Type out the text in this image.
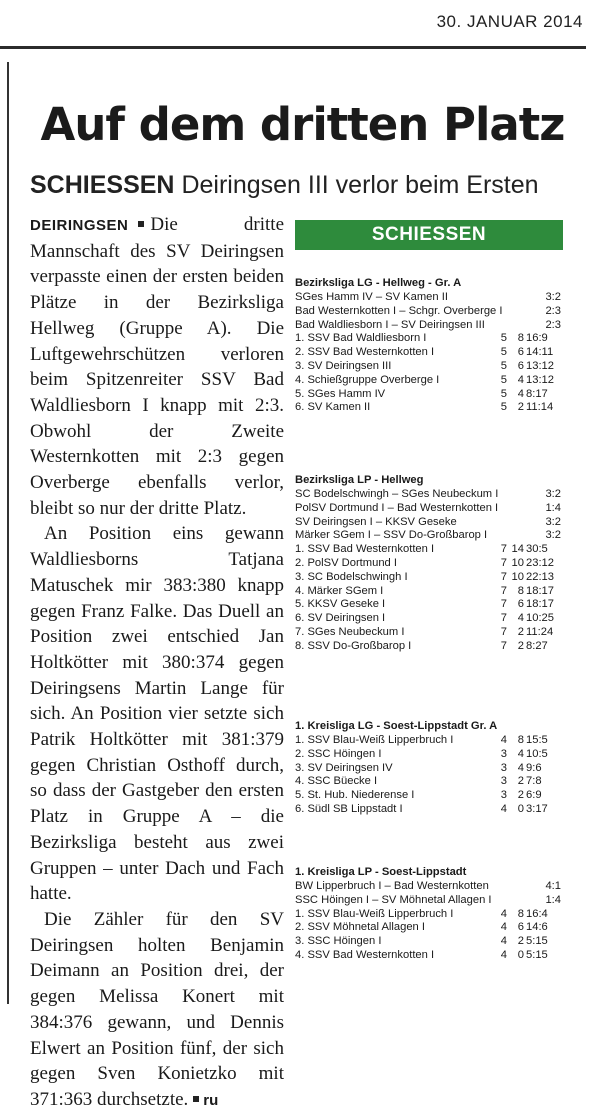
30. JANUAR 2014
Auf dem dritten Platz
SCHIESSEN Deiringsen III verlor beim Ersten

DEIRINGSEN Die dritte Mannschaft des SV Deiringsen verpasste einen der ersten beiden Plätze in der Bezirksliga Hellweg (Gruppe A). Die Luftgewehrschützen verloren beim Spitzenreiter SSV Bad Waldliesborn I knapp mit 2:3. Obwohl der Zweite Westernkotten mit 2:3 gegen Overberge ebenfalls verlor, bleibt so nur der dritte Platz.

An Position eins gewann Waldliesborns Tatjana Matuschek mir 383:380 knapp gegen Franz Falke. Das Duell an Position zwei entschied Jan Holtkötter mit 380:374 gegen Deiringsens Martin Lange für sich. An Position vier setzte sich Patrik Holtkötter mit 381:379 gegen Christian Osthoff durch, so dass der Gastgeber den ersten Platz in Gruppe A – die Bezirksliga besteht aus zwei Gruppen – unter Dach und Fach hatte.

Die Zähler für den SV Deiringsen holten Benjamin Deimann an Position drei, der gegen Melissa Konert mit 384:376 gewann, und Dennis Elwert an Position fünf, der sich gegen Sven Konietzko mit 371:363 durchsetzte. ru

SCHIESSEN
Bezirksliga LG - Hellweg - Gr. A
SGes Hamm IV – SV Kamen II	3:2
Bad Westernkotten I – Schgr. Overberge I	2:3
Bad Waldliesborn I – SV Deiringsen III	2:3
1. SSV Bad Waldliesborn I	5 8 16:9
2. SSV Bad Westernkotten I	5 6 14:11
3. SV Deiringsen III	5 6 13:12
4. Schießgruppe Overberge I	5 4 13:12
5. SGes Hamm IV	5 4 8:17
6. SV Kamen II	5 2 11:14
Bezirksliga LP - Hellweg
SC Bodelschwingh – SGes Neubeckum I	3:2
PolSV Dortmund I – Bad Westernkotten I	1:4
SV Deiringsen I – KKSV Geseke	3:2
Märker SGem I – SSV Do-Großbarop I	3:2
1. SSV Bad Westernkotten I	7 14 30:5
2. PolSV Dortmund I	7 10 23:12
3. SC Bodelschwingh I	7 10 22:13
4. Märker SGem I	7 8 18:17
5. KKSV Geseke I	7 6 18:17
6. SV Deiringsen I	7 4 10:25
7. SGes Neubeckum I	7 2 11:24
8. SSV Do-Großbarop I	7 2 8:27
1. Kreisliga LG - Soest-Lippstadt Gr. A
1. SSV Blau-Weiß Lipperbruch I	4 8 15:5
2. SSC Höingen I	3 4 10:5
3. SV Deiringsen IV	3 4 9:6
4. SSC Büecke I	3 2 7:8
5. St. Hub. Niederense I	3 2 6:9
6. Südl SB Lippstadt I	4 0 3:17
1. Kreisliga LP - Soest-Lippstadt
BW Lipperbruch I – Bad Westernkotten	4:1
SSC Höingen I – SV Möhnetal Allagen I	1:4
1. SSV Blau-Weiß Lipperbruch I	4 8 16:4
2. SSV Möhnetal Allagen I	4 6 14:6
3. SSC Höingen I	4 2 5:15
4. SSV Bad Westernkotten I	4 0 5:15
